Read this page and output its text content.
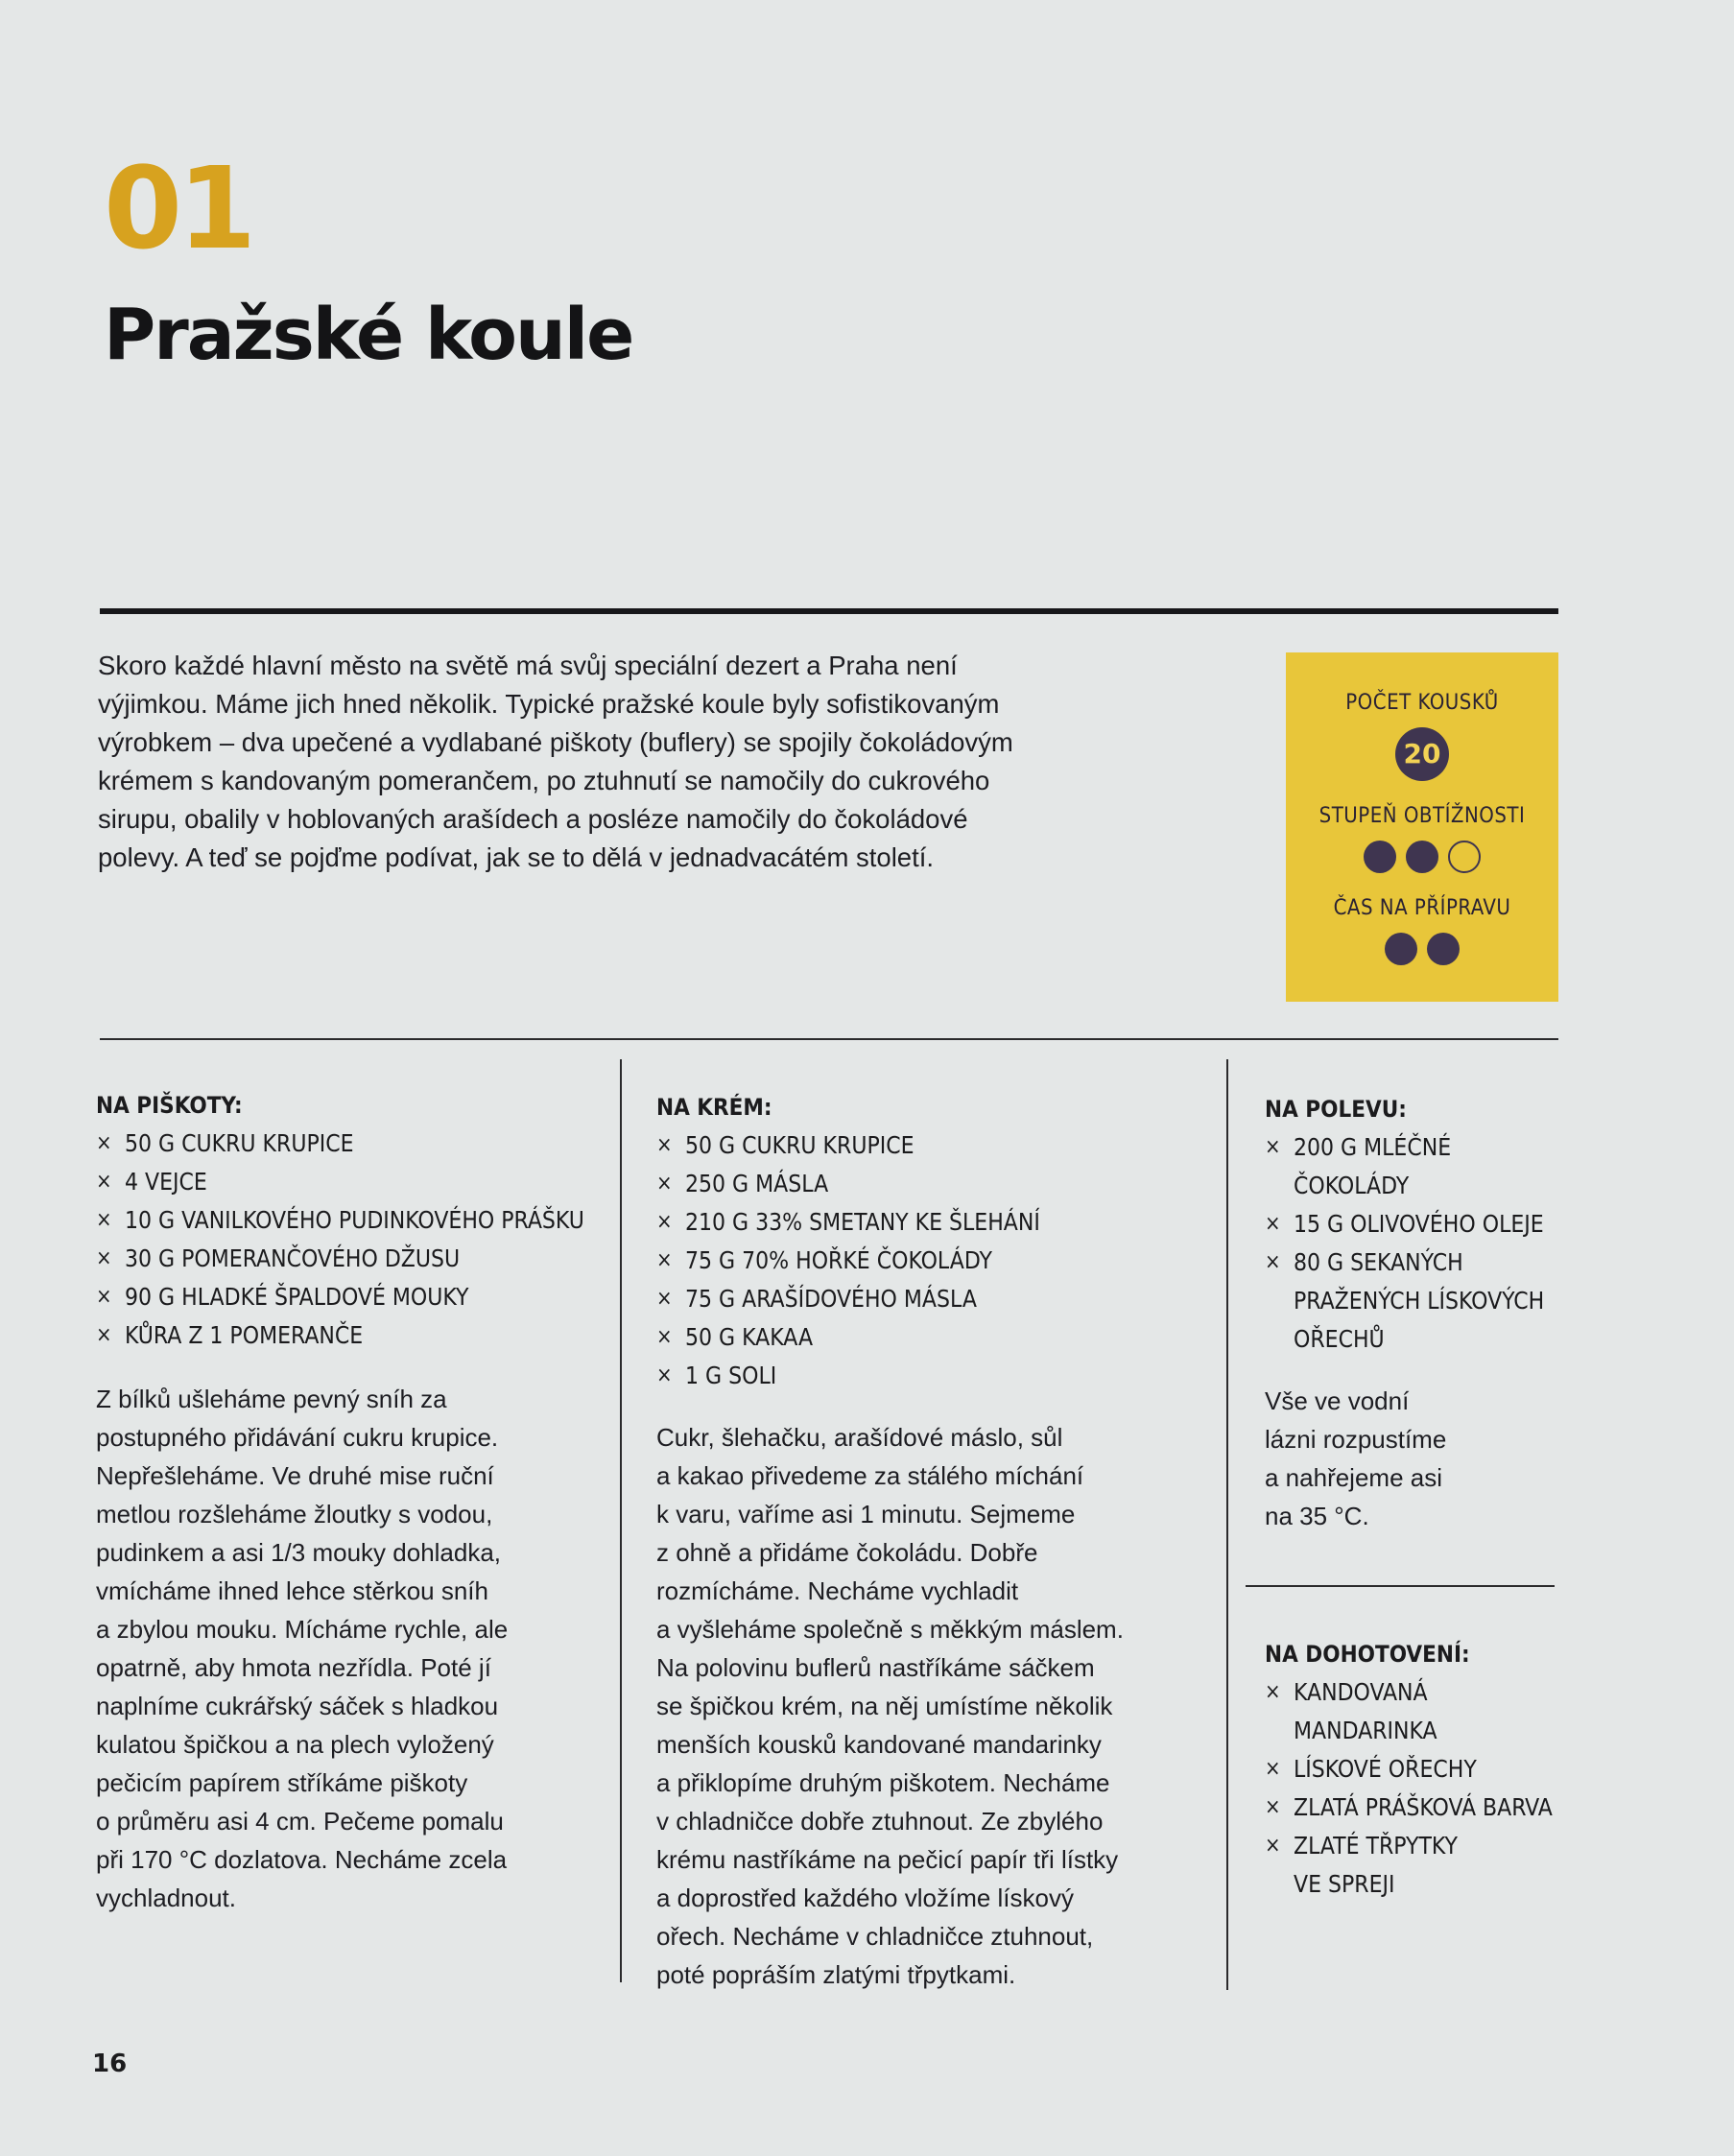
01
Pražské koule

Skoro každé hlavní město na světě má svůj speciální dezert a Praha není

výjimkou. Máme jich hned několik. Typické pražské koule byly sofistikovaným

výrobkem – dva upečené a vydlabané piškoty (buflery) se spojily čokoládovým

krémem s kandovaným pomerančem, po ztuhnutí se namočily do cukrového

sirupu, obalily v hoblovaných arašídech a posléze namočily do čokoládové

polevy. A teď se pojďme podívat, jak se to dělá v jednadvacátém století.

POČET KOUSKŮ
20
STUPEŇ OBTÍŽNOSTI
ČAS NA PŘÍPRAVU
NA PIŠKOTY:
× 50 G CUKRU KRUPICE
× 4 VEJCE
× 10 G VANILKOVÉHO PUDINKOVÉHO PRÁŠKU
× 30 G POMERANČOVÉHO DŽUSU
× 90 G HLADKÉ ŠPALDOVÉ MOUKY
× KŮRA Z 1 POMERANČE
Z bílků ušleháme pevný sníh za
postupného přidávání cukru krupice.
Nepřešleháme. Ve druhé mise ruční
metlou rozšleháme žloutky s vodou,
pudinkem a asi 1/3 mouky dohladka,
vmícháme ihned lehce stěrkou sníh
a zbylou mouku. Mícháme rychle, ale
opatrně, aby hmota nezřídla. Poté jí
naplníme cukrářský sáček s hladkou
kulatou špičkou a na plech vyložený
pečicím papírem stříkáme piškoty
o průměru asi 4 cm. Pečeme pomalu
při 170 °C dozlatova. Necháme zcela
vychladnout.
NA KRÉM:
× 50 G CUKRU KRUPICE
× 250 G MÁSLA
× 210 G 33% SMETANY KE ŠLEHÁNÍ
× 75 G 70% HOŘKÉ ČOKOLÁDY
× 75 G ARAŠÍDOVÉHO MÁSLA
× 50 G KAKAA
× 1 G SOLI
Cukr, šlehačku, arašídové máslo, sůl
a kakao přivedeme za stálého míchání
k varu, vaříme asi 1 minutu. Sejmeme
z ohně a přidáme čokoládu. Dobře
rozmícháme. Necháme vychladit
a vyšleháme společně s měkkým máslem.
Na polovinu buflerů nastříkáme sáčkem
se špičkou krém, na něj umístíme několik
menších kousků kandované mandarinky
a přiklopíme druhým piškotem. Necháme
v chladničce dobře ztuhnout. Ze zbylého
krému nastříkáme na pečicí papír tři lístky
a doprostřed každého vložíme lískový
ořech. Necháme v chladničce ztuhnout,
poté popráším zlatými třpytkami.
NA POLEVU:
× 200 G MLÉČNÉ
ČOKOLÁDY
× 15 G OLIVOVÉHO OLEJE
× 80 G SEKANÝCH
PRAŽENÝCH LÍSKOVÝCH
OŘECHŮ
Vše ve vodní
lázni rozpustíme
a nahřejeme asi
na 35 °C.
NA DOHOTOVENÍ:
× KANDOVANÁ
MANDARINKA
× LÍSKOVÉ OŘECHY
× ZLATÁ PRÁŠKOVÁ BARVA
× ZLATÉ TŘPYTKY
VE SPREJI
16
